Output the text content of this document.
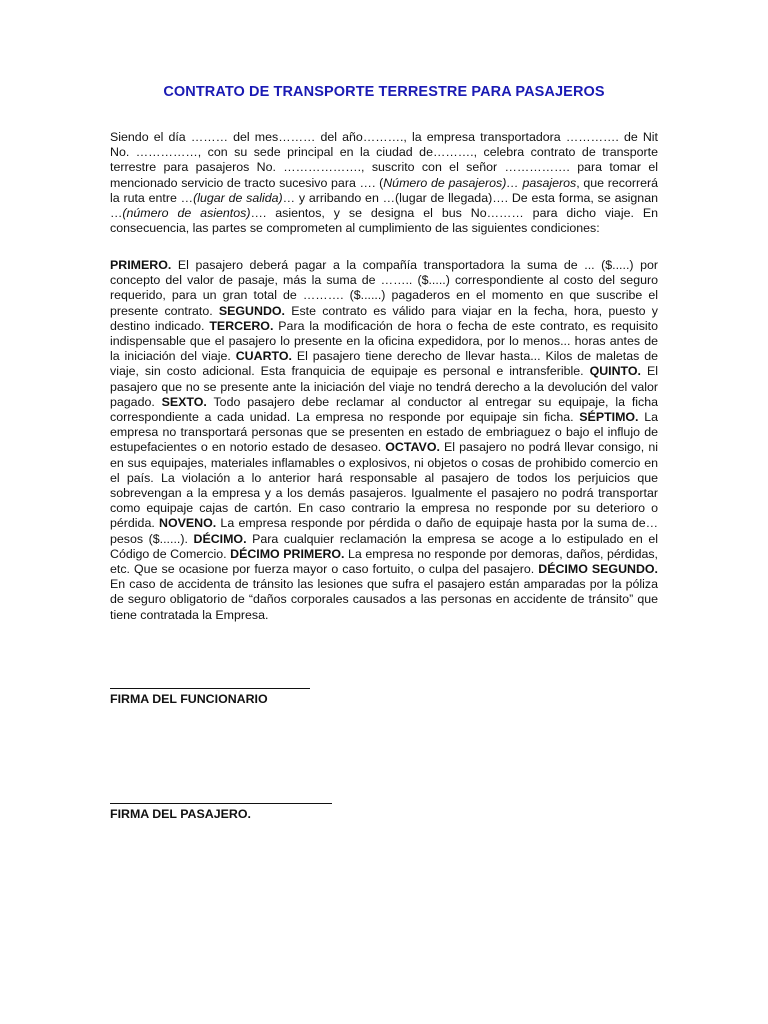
CONTRATO DE TRANSPORTE TERRESTRE PARA PASAJEROS

Siendo el día ……… del mes……… del año………., la empresa transportadora …………. de Nit No. ……………, con su sede principal en la ciudad de………., celebra contrato de transporte terrestre para pasajeros No. ………………., suscrito con el señor ……………. para tomar el mencionado servicio de tracto sucesivo para …. (Número de pasajeros)… pasajeros, que recorrerá la ruta entre …(lugar de salida)… y arribando en …(lugar de llegada)…. De esta forma, se asignan …(número de asientos)…. asientos, y se designa el bus No……… para dicho viaje. En consecuencia, las partes se comprometen al cumplimiento de las siguientes condiciones:

PRIMERO. El pasajero deberá pagar a la compañía transportadora la suma de ... ($.....) por concepto del valor de pasaje, más la suma de …….. ($.....) correspondiente al costo del seguro requerido, para un gran total de ………. ($......) pagaderos en el momento en que suscribe el presente contrato. SEGUNDO. Este contrato es válido para viajar en la fecha, hora, puesto y destino indicado. TERCERO. Para la modificación de hora o fecha de este contrato, es requisito indispensable que el pasajero lo presente en la oficina expedidora, por lo menos... horas antes de la iniciación del viaje. CUARTO. El pasajero tiene derecho de llevar hasta... Kilos de maletas de viaje, sin costo adicional. Esta franquicia de equipaje es personal e intransferible. QUINTO. El pasajero que no se presente ante la iniciación del viaje no tendrá derecho a la devolución del valor pagado. SEXTO. Todo pasajero debe reclamar al conductor al entregar su equipaje, la ficha correspondiente a cada unidad. La empresa no responde por equipaje sin ficha. SÉPTIMO. La empresa no transportará personas que se presenten en estado de embriaguez o bajo el influjo de estupefacientes o en notorio estado de desaseo. OCTAVO. El pasajero no podrá llevar consigo, ni en sus equipajes, materiales inflamables o explosivos, ni objetos o cosas de prohibido comercio en el país. La violación a lo anterior hará responsable al pasajero de todos los perjuicios que sobrevengan a la empresa y a los demás pasajeros. Igualmente el pasajero no podrá transportar como equipaje cajas de cartón. En caso contrario la empresa no responde por su deterioro o pérdida. NOVENO. La empresa responde por pérdida o daño de equipaje hasta por la suma de… pesos ($......). DÉCIMO. Para cualquier reclamación la empresa se acoge a lo estipulado en el Código de Comercio. DÉCIMO PRIMERO. La empresa no responde por demoras, daños, pérdidas, etc. Que se ocasione por fuerza mayor o caso fortuito, o culpa del pasajero. DÉCIMO SEGUNDO. En caso de accidenta de tránsito las lesiones que sufra el pasajero están amparadas por la póliza de seguro obligatorio de “daños corporales causados a las personas en accidente de tránsito” que tiene contratada la Empresa.

FIRMA DEL FUNCIONARIO
FIRMA DEL PASAJERO.
